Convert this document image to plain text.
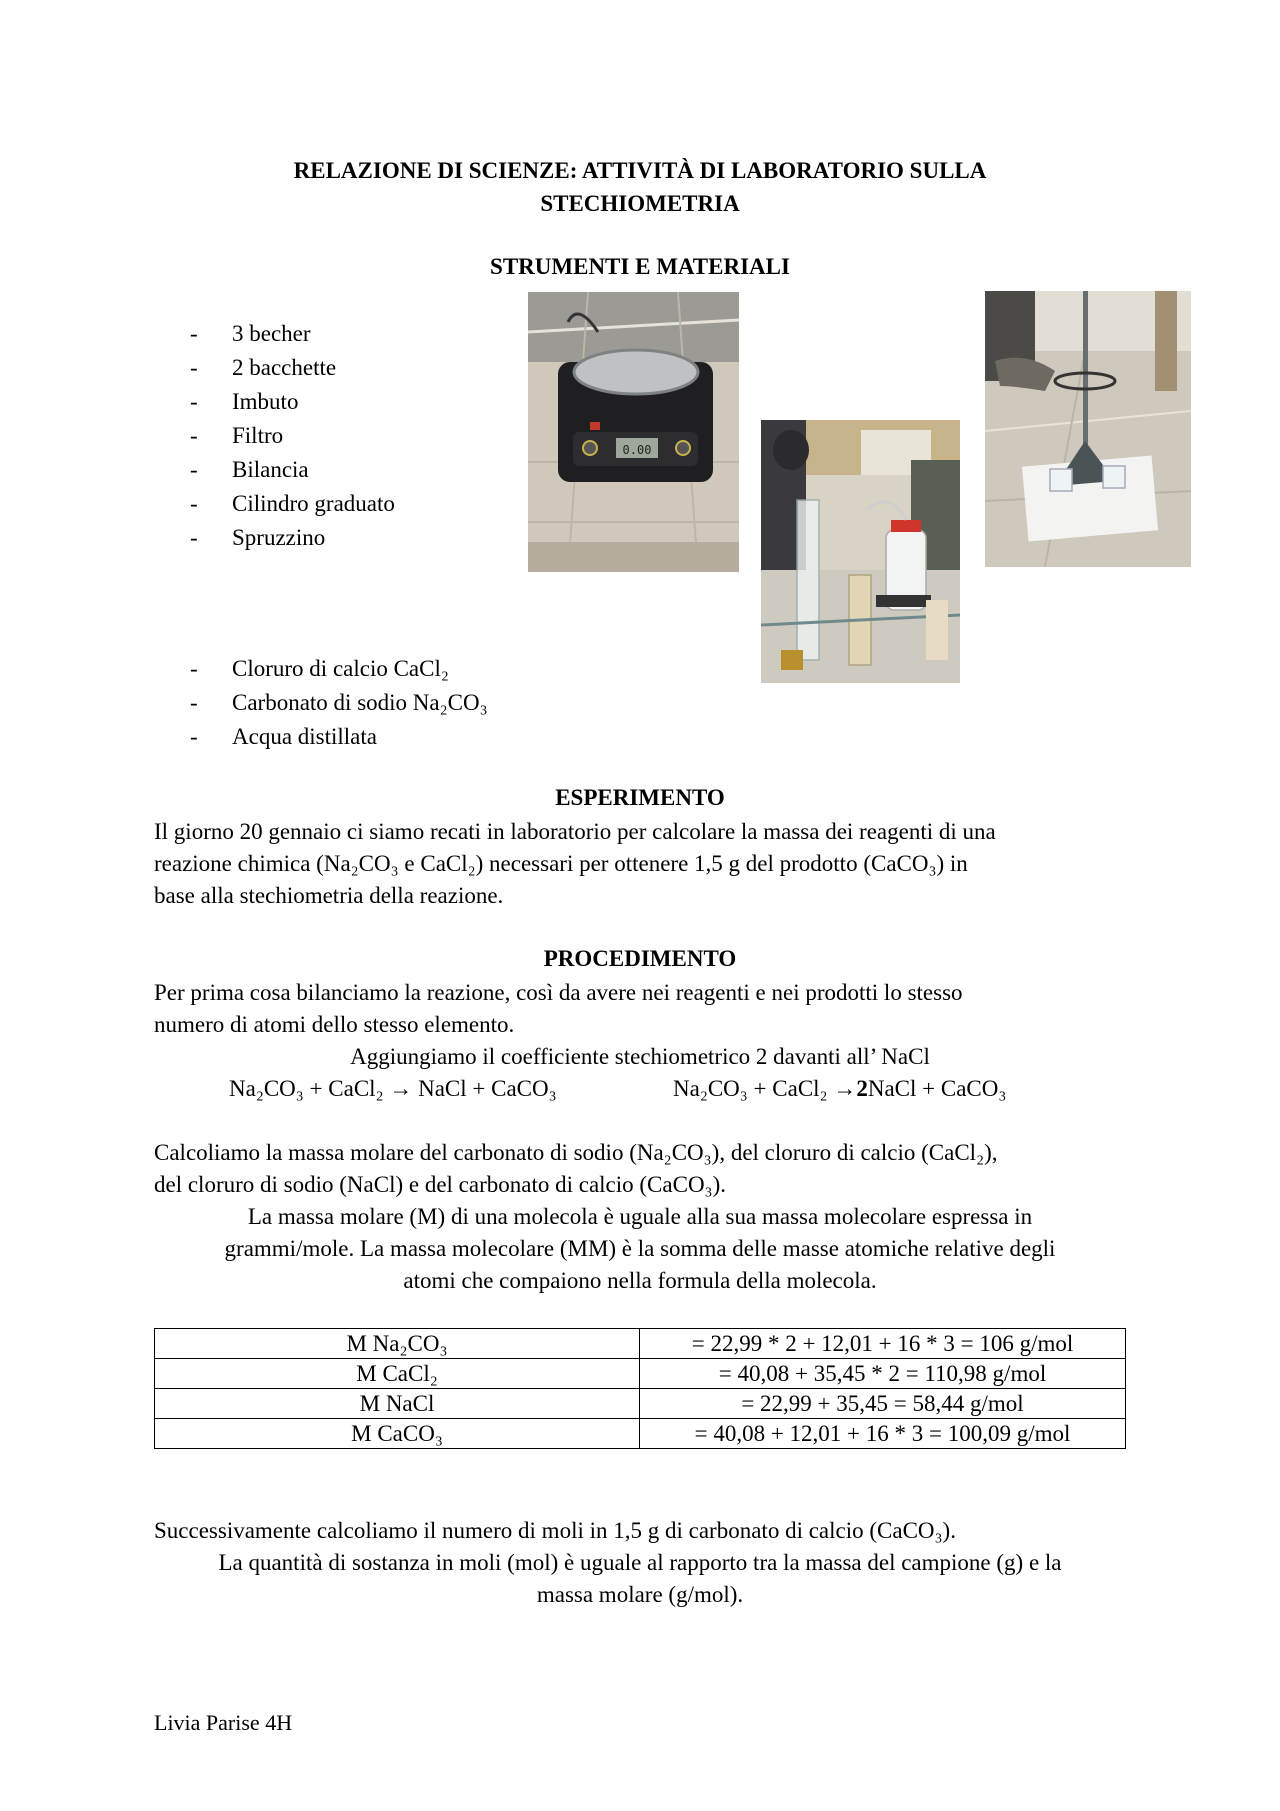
RELAZIONE DI SCIENZE: ATTIVITÀ DI LABORATORIO SULLA
STECHIOMETRIA
STRUMENTI E MATERIALI
- 3 becher
- 2 bacchette
- Imbuto
- Filtro
- Bilancia
- Cilindro graduato
- Spruzzino
- Cloruro di calcio CaCl₂
- Carbonato di sodio Na₂CO₃
- Acqua distillata
0.00
ESPERIMENTO
Il giorno 20 gennaio ci siamo recati in laboratorio per calcolare la massa dei reagenti di una
reazione chimica (Na₂CO₃ e CaCl₂) necessari per ottenere 1,5 g del prodotto (CaCO₃) in
base alla stechiometria della reazione.
PROCEDIMENTO
Per prima cosa bilanciamo la reazione, così da avere nei reagenti e nei prodotti lo stesso
numero di atomi dello stesso elemento.
Aggiungiamo il coefficiente stechiometrico 2 davanti all’ NaCl
Na₂CO₃ + CaCl₂ → NaCl + CaCO₃	Na₂CO₃ + CaCl₂ →2NaCl + CaCO₃
Calcoliamo la massa molare del carbonato di sodio (Na₂CO₃), del cloruro di calcio (CaCl₂),
del cloruro di sodio (NaCl) e del carbonato di calcio (CaCO₃).
La massa molare (M) di una molecola è uguale alla sua massa molecolare espressa in
grammi/mole. La massa molecolare (MM) è la somma delle masse atomiche relative degli
atomi che compaiono nella formula della molecola.
M Na₂CO₃	= 22,99 * 2 + 12,01 + 16 * 3 = 106 g/mol
M CaCl₂	= 40,08 + 35,45 * 2 = 110,98 g/mol
M NaCl	= 22,99 + 35,45 = 58,44 g/mol
M CaCO₃	= 40,08 + 12,01 + 16 * 3 = 100,09 g/mol
Successivamente calcoliamo il numero di moli in 1,5 g di carbonato di calcio (CaCO₃).
La quantità di sostanza in moli (mol) è uguale al rapporto tra la massa del campione (g) e la
massa molare (g/mol).
Livia Parise 4H
